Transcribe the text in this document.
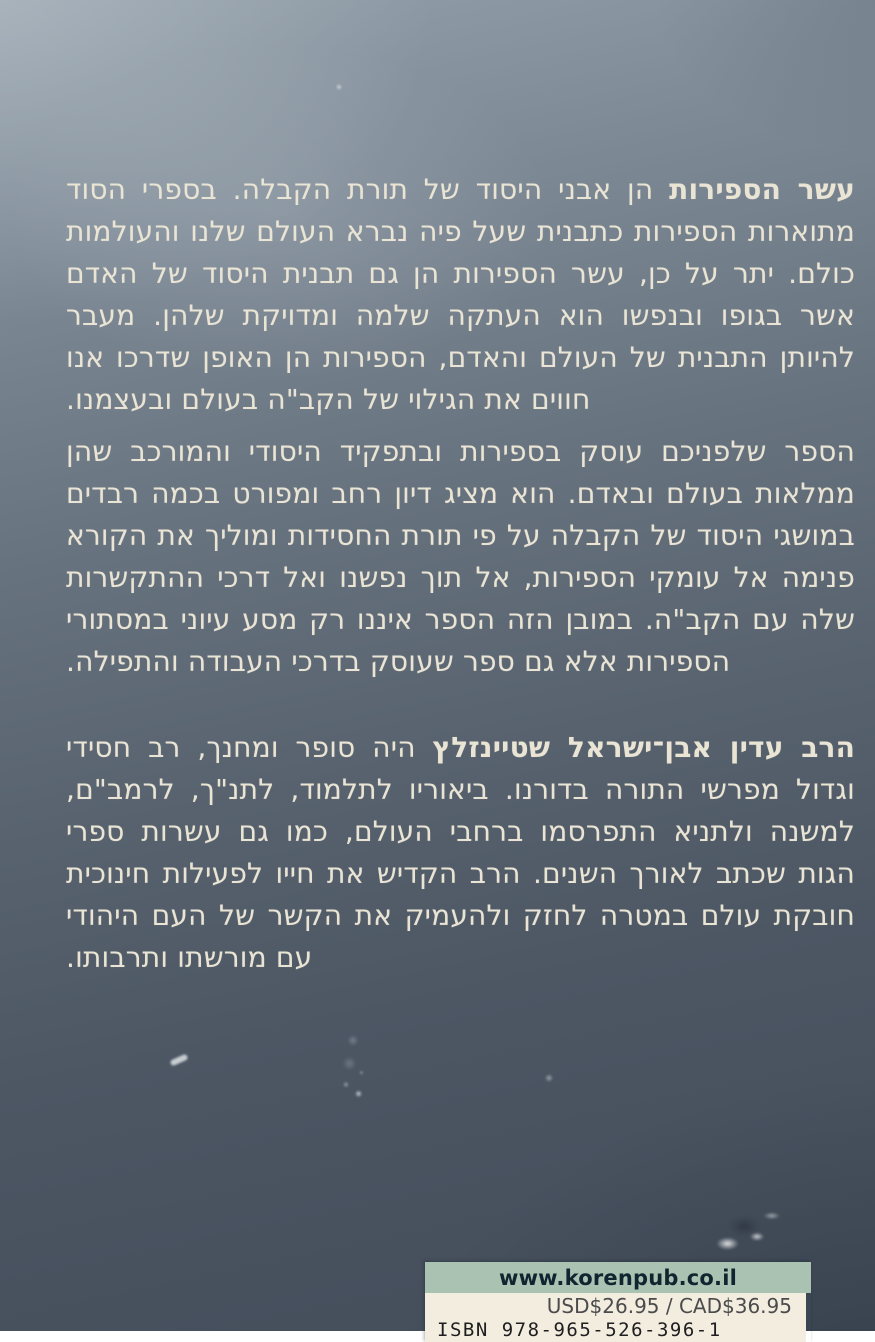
עשר הספירות הן אבני היסוד של תורת הקבלה. בספרי הסוד מתוארות הספירות כתבנית שעל פיה נברא העולם שלנו והעולמות כולם. יתר על כן, עשר הספירות הן גם תבנית היסוד של האדם אשר בגופו ובנפשו הוא העתקה שלמה ומדויקת שלהן. מעבר להיותן התבנית של העולם והאדם, הספירות הן האופן שדרכו אנו חווים את הגילוי של הקב"ה בעולם ובעצמנו.

הספר שלפניכם עוסק בספירות ובתפקיד היסודי והמורכב שהן ממלאות בעולם ובאדם. הוא מציג דיון רחב ומפורט בכמה רבדים במושגי היסוד של הקבלה על פי תורת החסידות ומוליך את הקורא פנימה אל עומקי הספירות, אל תוך נפשנו ואל דרכי ההתקשרות שלה עם הקב"ה. במובן הזה הספר איננו רק מסע עיוני במסתורי הספירות אלא גם ספר שעוסק בדרכי העבודה והתפילה.

הרב עדין אבן־ישראל שטיינזלץ היה סופר ומחנך, רב חסידי וגדול מפרשי התורה בדורנו. ביאוריו לתלמוד, לתנ"ך, לרמב"ם, למשנה ולתניא התפרסמו ברחבי העולם, כמו גם עשרות ספרי הגות שכתב לאורך השנים. הרב הקדיש את חייו לפעילות חינוכית חובקת עולם במטרה לחזק ולהעמיק את הקשר של העם היהודי עם מורשתו ותרבותו.

www.korenpub.co.il
USD$26.95 / CAD$36.95
ISBN 978-965-526-396-1
